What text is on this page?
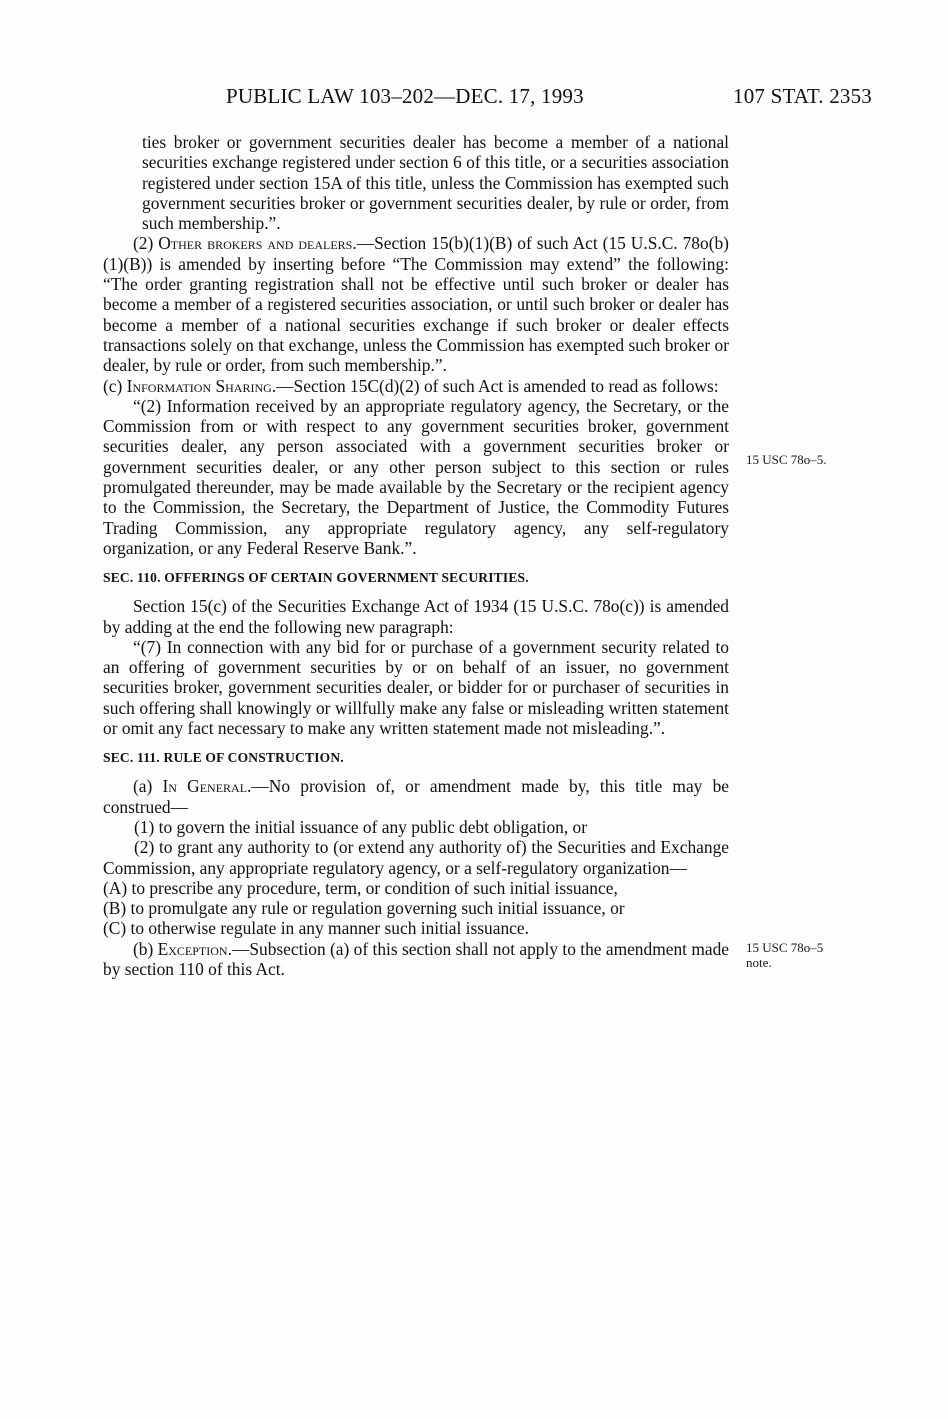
PUBLIC LAW 103–202—DEC. 17, 1993	107 STAT. 2353

ties broker or government securities dealer has become a member of a national securities exchange registered under section 6 of this title, or a securities association registered under section 15A of this title, unless the Commission has exempted such government securities broker or government securities dealer, by rule or order, from such membership.”.

(2) Other brokers and dealers.—Section 15(b)(1)(B) of such Act (15 U.S.C. 78o(b)(1)(B)) is amended by inserting before “The Commission may extend” the following: “The order granting registration shall not be effective until such broker or dealer has become a member of a registered securities association, or until such broker or dealer has become a member of a national securities exchange if such broker or dealer effects transactions solely on that exchange, unless the Commission has exempted such broker or dealer, by rule or order, from such membership.”.

(c) Information Sharing.—Section 15C(d)(2) of such Act is amended to read as follows:

“(2) Information received by an appropriate regulatory agency, the Secretary, or the Commission from or with respect to any government securities broker, government securities dealer, any person associated with a government securities broker or government securities dealer, or any other person subject to this section or rules promulgated thereunder, may be made available by the Secretary or the recipient agency to the Commission, the Secretary, the Department of Justice, the Commodity Futures Trading Commission, any appropriate regulatory agency, any self-regulatory organization, or any Federal Reserve Bank.”.

SEC. 110. OFFERINGS OF CERTAIN GOVERNMENT SECURITIES.

Section 15(c) of the Securities Exchange Act of 1934 (15 U.S.C. 78o(c)) is amended by adding at the end the following new paragraph:

“(7) In connection with any bid for or purchase of a government security related to an offering of government securities by or on behalf of an issuer, no government securities broker, government securities dealer, or bidder for or purchaser of securities in such offering shall knowingly or willfully make any false or misleading written statement or omit any fact necessary to make any written statement made not misleading.”.

SEC. 111. RULE OF CONSTRUCTION.

(a) In General.—No provision of, or amendment made by, this title may be construed—

(1) to govern the initial issuance of any public debt obligation, or

(2) to grant any authority to (or extend any authority of) the Securities and Exchange Commission, any appropriate regulatory agency, or a self-regulatory organization—

(A) to prescribe any procedure, term, or condition of such initial issuance,

(B) to promulgate any rule or regulation governing such initial issuance, or

(C) to otherwise regulate in any manner such initial issuance.

(b) Exception.—Subsection (a) of this section shall not apply to the amendment made by section 110 of this Act.

15 USC 78o–5.
15 USC 78o–5
note.
